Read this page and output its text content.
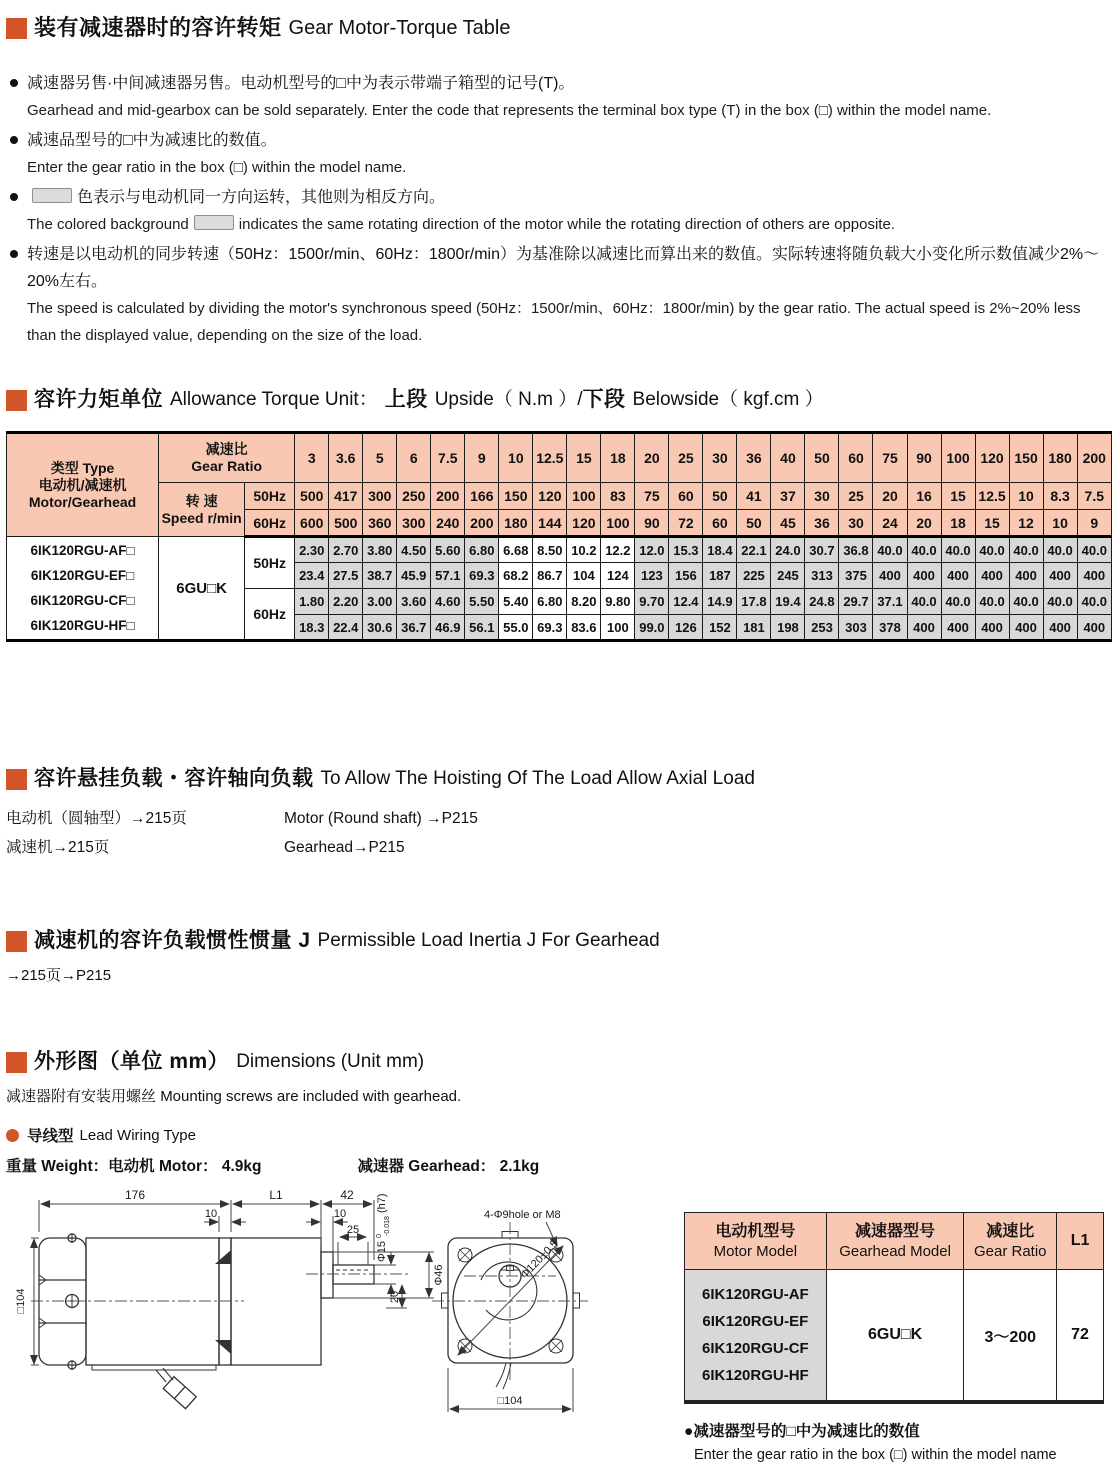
装有减速器时的容许转矩 Gear Motor-Torque Table
减速器另售·中间减速器另售。电动机型号的□中为表示带端子箱型的记号(T)。
Gearhead and mid-gearbox can be sold separately. Enter the code that represents the terminal box type (T) in the box (□) within the model name.
减速品型号的□中为减速比的数值。
Enter the gear ratio in the box (□) within the model name.
色表示与电动机同一方向运转，其他则为相反方向。
The colored background	indicates the same rotating direction of the motor while the rotating direction of others are opposite.
转速是以电动机的同步转速（50Hz：1500r/min、60Hz：1800r/min）为基准除以减速比而算出来的数值。实际转速将随负载大小变化所示数值减少2%～20%左右。
The speed is calculated by dividing the motor's synchronous speed (50Hz：1500r/min、60Hz：1800r/min) by the gear ratio. The actual speed is 2%~20% less than the displayed value, depending on the size of the load.
容许力矩单位 Allowance Torque Unit： 上段 Upside（ N.m ）/ 下段 Belowside（ kgf.cm ）
类型 Type
电动机/减速机
Motor/Gearhead

减速比
Gear Ratio	3	3.6	5	6	7.5	9	10	12.5	15	18	20	25	30	36	40	50	60	75	90	100	120	150	180	200

	转 速
Speed r/min	50Hz	500	417	300	250	200	166	150	120	100	83	75	60	50	41	37	30	25	20	16	15	12.5	10	8.3	7.5
		60Hz	600	500	360	300	240	200	180	144	120	100	90	72	60	50	45	36	30	24	20	18	15	12	10	9

6IK120RGU-AF□
6IK120RGU-EF□
6IK120RGU-CF□
6IK120RGU-HF□	6GU□K	50Hz	2.30	2.70	3.80	4.50	5.60	6.80	6.68	8.50	10.2	12.2	12.0	15.3	18.4	22.1	24.0	30.7	36.8	40.0	40.0	40.0	40.0	40.0	40.0	40.0
			23.4	27.5	38.7	45.9	57.1	69.3	68.2	86.7	104	124	123	156	187	225	245	313	375	400	400	400	400	400	400	400
		60Hz	1.80	2.20	3.00	3.60	4.60	5.50	5.40	6.80	8.20	9.80	9.70	12.4	14.9	17.8	19.4	24.8	29.7	37.1	40.0	40.0	40.0	40.0	40.0	40.0
			18.3	22.4	30.6	36.7	46.9	56.1	55.0	69.3	83.6	100	99.0	126	152	181	198	253	303	378	400	400	400	400	400	400
容许悬挂负载・容许轴向负载 To Allow The Hoisting Of The Load Allow Axial Load
电动机（圆轴型）→215页	Motor (Round shaft) →P215
减速机→215页	Gearhead→P215
减速机的容许负载惯性惯量 J Permissible Load Inertia J For Gearhead
→215页→P215
外形图（单位 mm） Dimensions (Unit mm)
减速器附有安装用螺丝 Mounting screws are included with gearhead.
导线型 Lead Wiring Type
重量 Weight：电动机 Motor： 4.9kg	减速器 Gearhead： 2.1kg
176	L1	42
10	10
25
Φ15 $^0$ -0.018 (h7)
20
Φ46
□104
4-Φ9hole or M8
Φ120±0.5
□104
电动机型号
Motor Model	减速器型号
Gearhead Model	减速比
Gear Ratio	L1

6IK120RGU-AF
6IK120RGU-EF
6IK120RGU-CF
6IK120RGU-HF	6GU□K	3～200	72
●减速器型号的□中为减速比的数值
Enter the gear ratio in the box (□) within the model name
